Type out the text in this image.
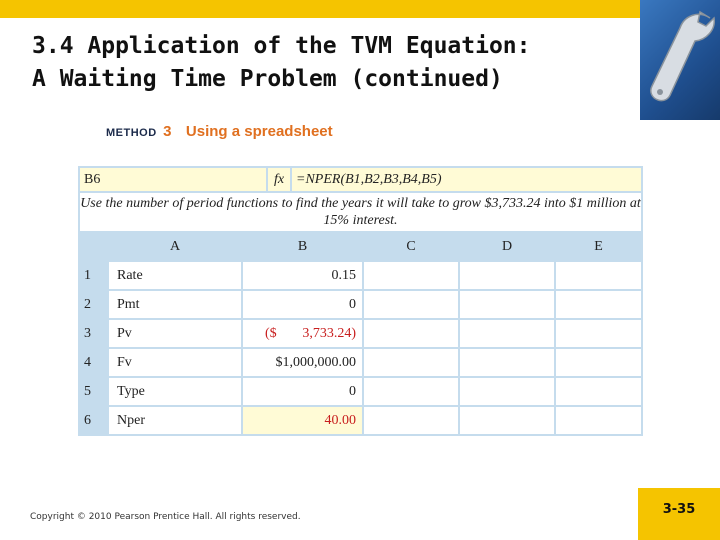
3.4 Application of the TVM Equation:
A Waiting Time Problem (continued)
METHOD 3 Using a spreadsheet
B6	fx =NPER(B1,B2,B3,B4,B5)
Use the number of period functions to find the years it will take to grow $3,733.24 into $1 million at 15% interest.
A	B	C	D	E
1	Rate	0.15
2	Pmt	0
3	Pv	($ 3,733.24)
4	Fv	$1,000,000.00
5	Type	0
6	Nper	40.00
Copyright © 2010 Pearson Prentice Hall. All rights reserved.	3-35
